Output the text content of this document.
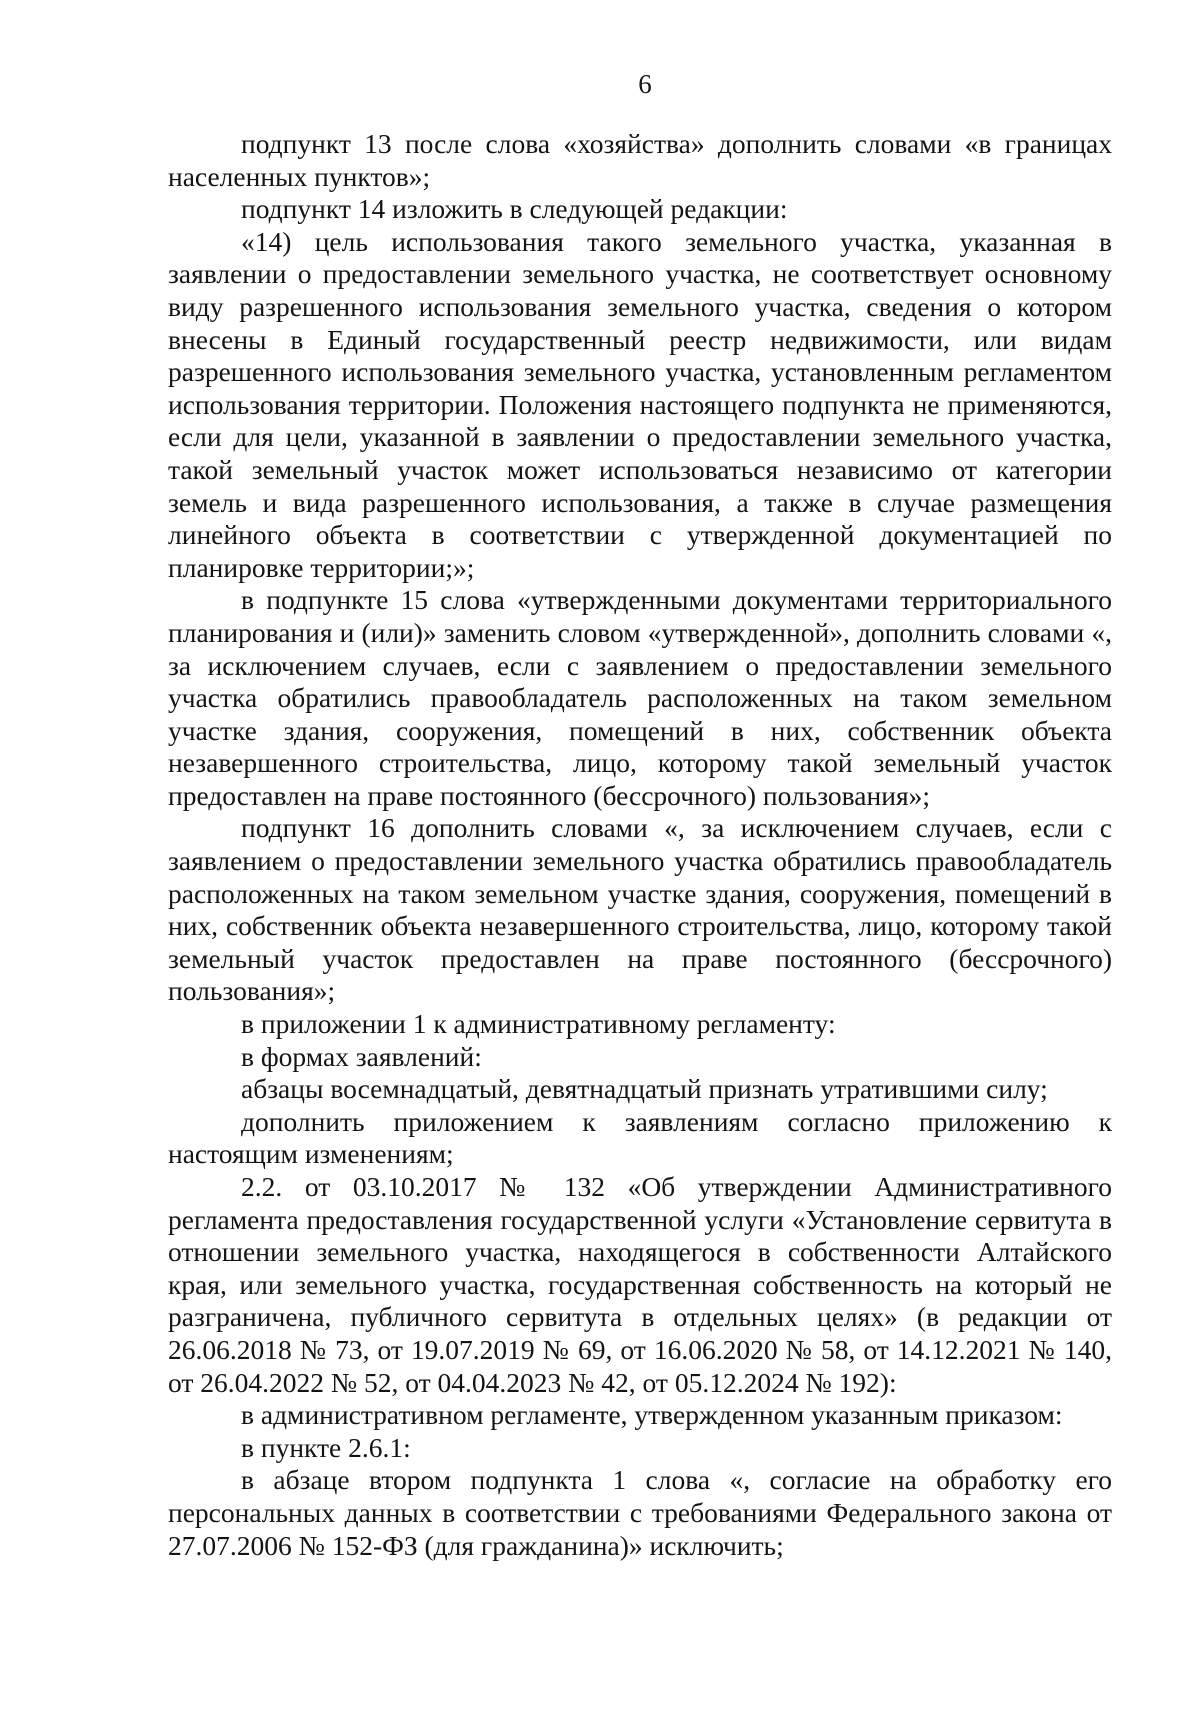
6

подпункт 13 после слова «хозяйства» дополнить словами «в границах населенных пунктов»;

подпункт 14 изложить в следующей редакции:

«14) цель использования такого земельного участка, указанная в заявлении о предоставлении земельного участка, не соответствует основному виду разрешенного использования земельного участка, сведения о котором внесены в Единый государственный реестр недвижимости, или видам разрешенного использования земельного участка, установленным регламентом использования территории. Положения настоящего подпункта не применяются, если для цели, указанной в заявлении о предоставлении земельного участка, такой земельный участок может использоваться независимо от категории земель и вида разрешенного использования, а также в случае размещения линейного объекта в соответствии с утвержденной документацией по планировке территории;»;

в подпункте 15 слова «утвержденными документами территориального планирования и (или)» заменить словом «утвержденной», дополнить словами «, за исключением случаев, если с заявлением о предоставлении земельного участка обратились правообладатель расположенных на таком земельном участке здания, сооружения, помещений в них, собственник объекта незавершенного строительства, лицо, которому такой земельный участок предоставлен на праве постоянного (бессрочного) пользования»;

подпункт 16 дополнить словами «, за исключением случаев, если с заявлением о предоставлении земельного участка обратились правообладатель расположенных на таком земельном участке здания, сооружения, помещений в них, собственник объекта незавершенного строительства, лицо, которому такой земельный участок предоставлен на праве постоянного (бессрочного) пользования»;

в приложении 1 к административному регламенту:

в формах заявлений:

абзацы восемнадцатый, девятнадцатый признать утратившими силу;

дополнить приложением к заявлениям согласно приложению к настоящим изменениям;

2.2. от 03.10.2017 № 132 «Об утверждении Административного регламента предоставления государственной услуги «Установление сервитута в отношении земельного участка, находящегося в собственности Алтайского края, или земельного участка, государственная собственность на который не разграничена, публичного сервитута в отдельных целях» (в редакции от 26.06.2018 № 73, от 19.07.2019 № 69, от 16.06.2020 № 58, от 14.12.2021 № 140, от 26.04.2022 № 52, от 04.04.2023 № 42, от 05.12.2024 № 192):

в административном регламенте, утвержденном указанным приказом:

в пункте 2.6.1:

в абзаце втором подпункта 1 слова «, согласие на обработку его персональных данных в соответствии с требованиями Федерального закона от 27.07.2006 № 152-ФЗ (для гражданина)» исключить;
